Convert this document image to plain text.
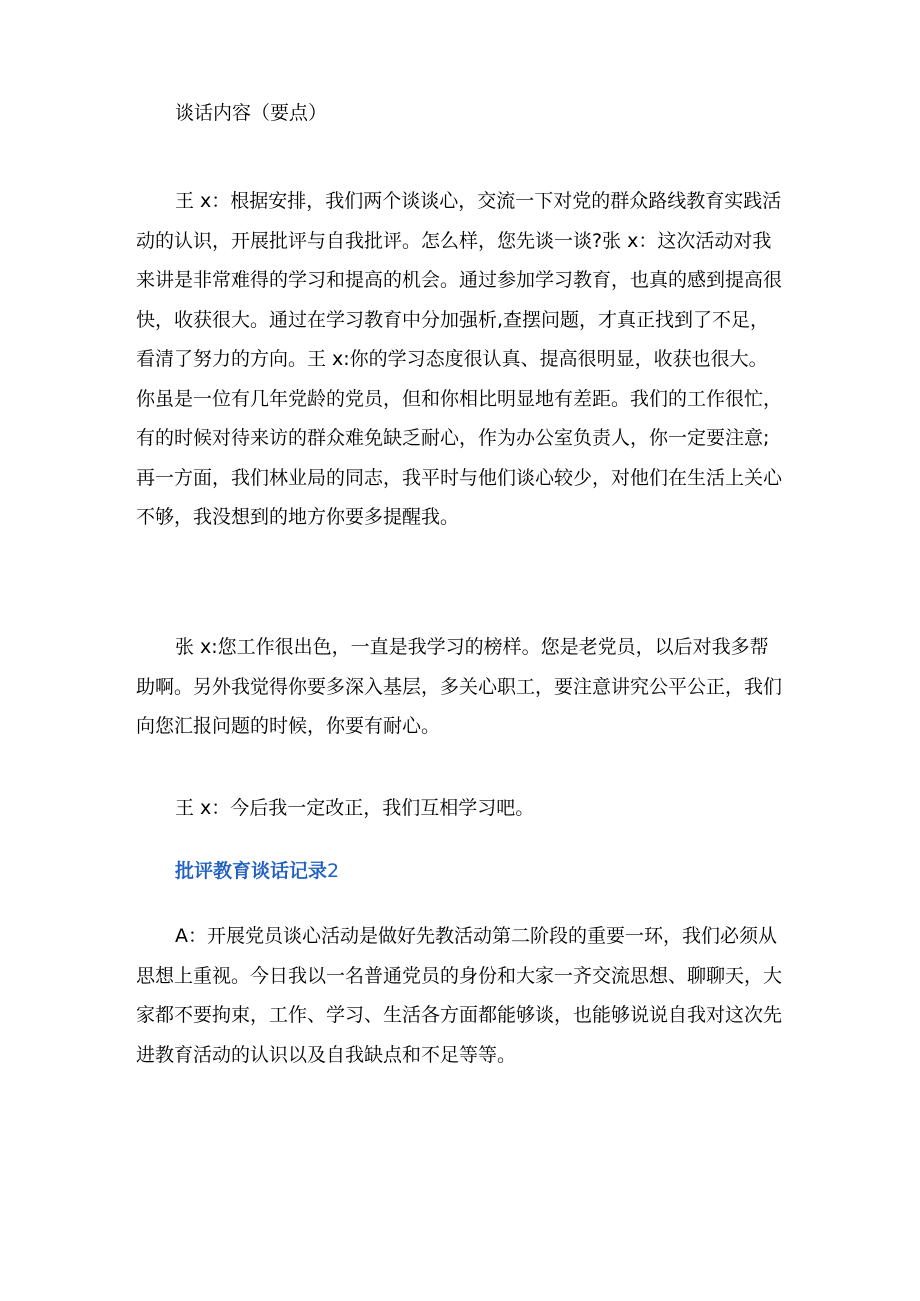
谈话内容（要点）

王 x：根据安排，我们两个谈谈心，交流一下对党的群众路线教育实践活动的认识，开展批评与自我批评。怎么样，您先谈一谈?张 x：这次活动对我来讲是非常难得的学习和提高的机会。通过参加学习教育，也真的感到提高很快，收获很大。通过在学习教育中分加强析,查摆问题，才真正找到了不足，看清了努力的方向。王 x:你的学习态度很认真、提高很明显，收获也很大。你虽是一位有几年党龄的党员，但和你相比明显地有差距。我们的工作很忙，有的时候对待来访的群众难免缺乏耐心，作为办公室负责人，你一定要注意;再一方面，我们林业局的同志，我平时与他们谈心较少，对他们在生活上关心不够，我没想到的地方你要多提醒我。

张 x:您工作很出色，一直是我学习的榜样。您是老党员，以后对我多帮助啊。另外我觉得你要多深入基层，多关心职工，要注意讲究公平公正，我们向您汇报问题的时候，你要有耐心。

王 x：今后我一定改正，我们互相学习吧。

批评教育谈话记录2

A：开展党员谈心活动是做好先教活动第二阶段的重要一环，我们必须从思想上重视。今日我以一名普通党员的身份和大家一齐交流思想、聊聊天，大家都不要拘束，工作、学习、生活各方面都能够谈，也能够说说自我对这次先进教育活动的认识以及自我缺点和不足等等。
